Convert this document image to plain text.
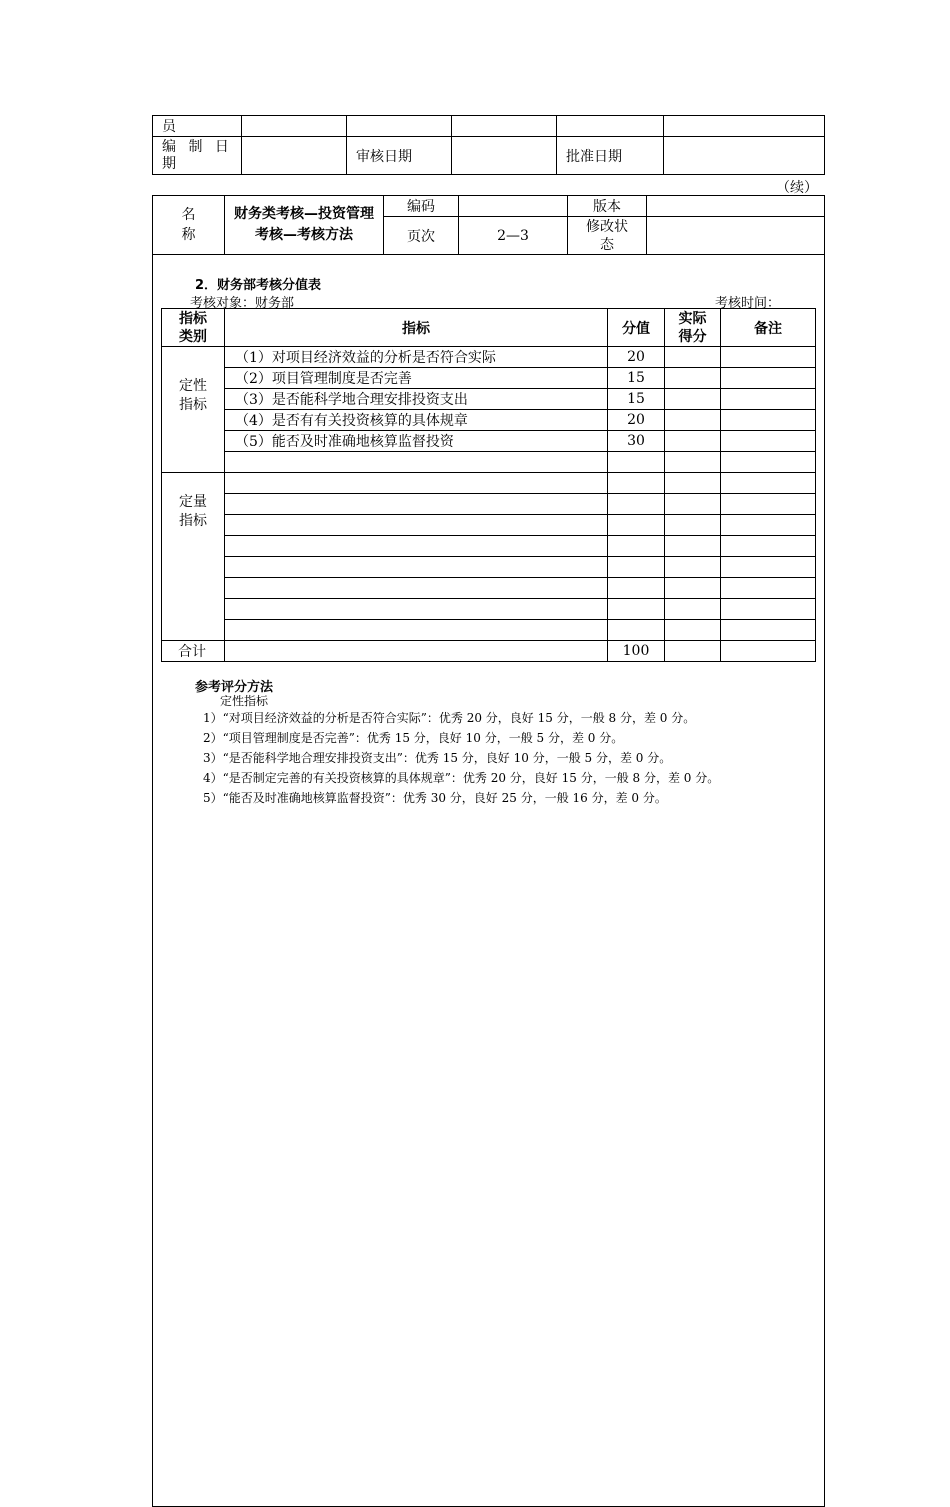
员					
编 制 日期		审核日期		批准日期	
（续）
名　称	财务类考核—投资管理考核—考核方法	编码		版本	
		页次	2—3	修改状态	
2．财务部考核分值表
考核对象：财务部	考核时间：
指标类别	指标	分值	实际得分	备注
定性指标	（1）对项目经济效益的分析是否符合实际	20		
	（2）项目管理制度是否完善	15		
	（3）是否能科学地合理安排投资支出	15		
	（4）是否有有关投资核算的具体规章	20		
	（5）能否及时准确地核算监督投资	30		

定量指标				

合计		100		
参考评分方法
定性指标
1）“对项目经济效益的分析是否符合实际”：优秀 20 分，良好 15 分，一般 8 分，差 0 分。
2）“项目管理制度是否完善”：优秀 15 分，良好 10 分，一般 5 分，差 0 分。
3）“是否能科学地合理安排投资支出”：优秀 15 分，良好 10 分，一般 5 分，差 0 分。
4）“是否制定完善的有关投资核算的具体规章”：优秀 20 分，良好 15 分，一般 8 分，差 0 分。
5）“能否及时准确地核算监督投资”：优秀 30 分，良好 25 分，一般 16 分，差 0 分。
